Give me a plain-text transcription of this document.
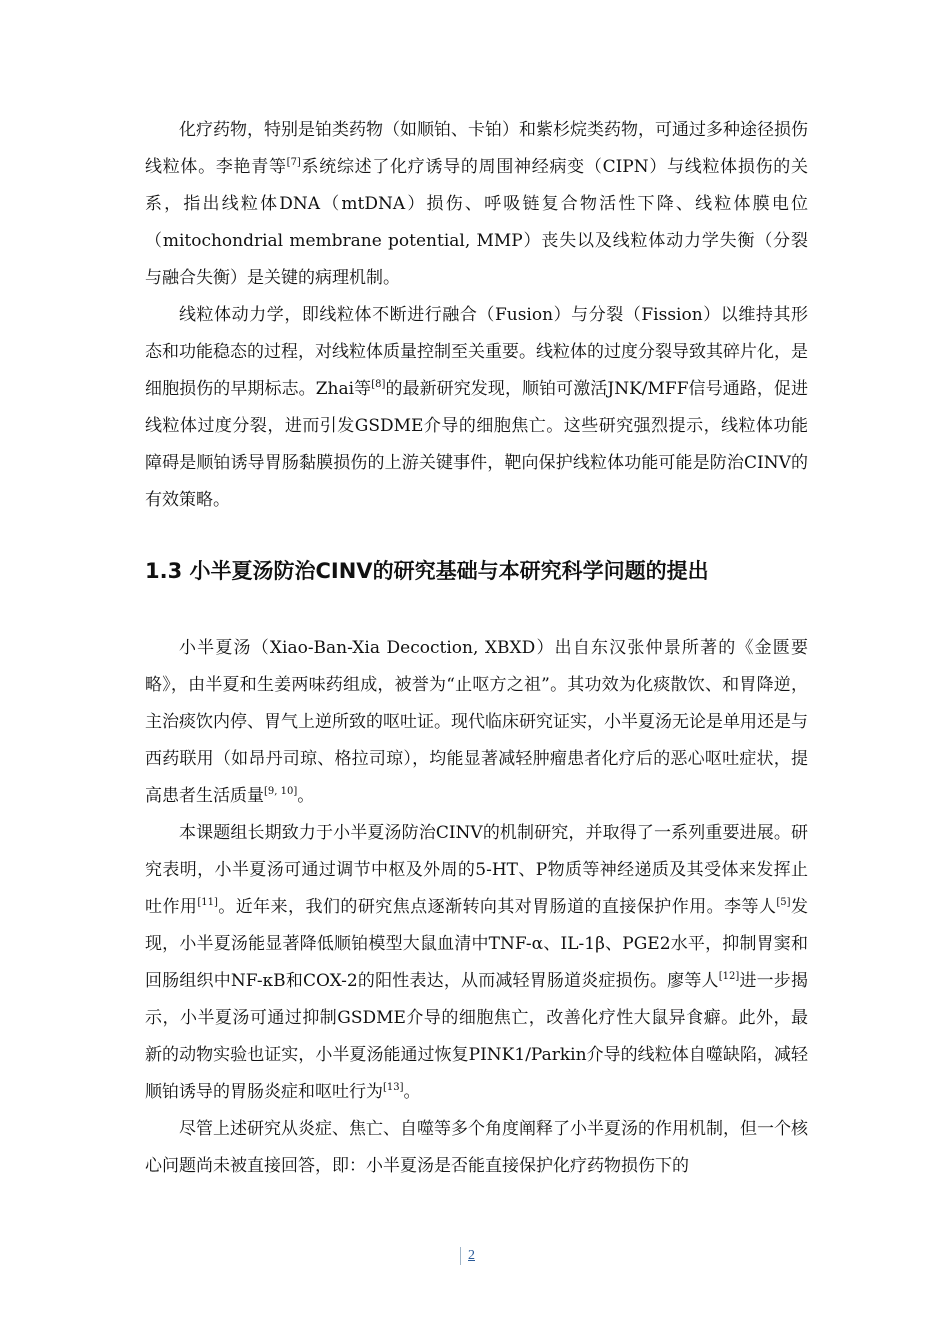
化疗药物，特别是铂类药物（如顺铂、卡铂）和紫杉烷类药物，可通过多种途径损伤线粒体。李艳青等[7]系统综述了化疗诱导的周围神经病变（CIPN）与线粒体损伤的关系，指出线粒体DNA（mtDNA）损伤、呼吸链复合物活性下降、线粒体膜电位（mitochondrial membrane potential, MMP）丧失以及线粒体动力学失衡（分裂与融合失衡）是关键的病理机制。

线粒体动力学，即线粒体不断进行融合（Fusion）与分裂（Fission）以维持其形态和功能稳态的过程，对线粒体质量控制至关重要。线粒体的过度分裂导致其碎片化，是细胞损伤的早期标志。Zhai等[8]的最新研究发现，顺铂可激活JNK/MFF信号通路，促进线粒体过度分裂，进而引发GSDME介导的细胞焦亡。这些研究强烈提示，线粒体功能障碍是顺铂诱导胃肠黏膜损伤的上游关键事件，靶向保护线粒体功能可能是防治CINV的有效策略。

1.3 小半夏汤防治CINV的研究基础与本研究科学问题的提出

小半夏汤（Xiao-Ban-Xia Decoction, XBXD）出自东汉张仲景所著的《金匮要略》，由半夏和生姜两味药组成，被誉为“止呕方之祖”。其功效为化痰散饮、和胃降逆，主治痰饮内停、胃气上逆所致的呕吐证。现代临床研究证实，小半夏汤无论是单用还是与西药联用（如昂丹司琼、格拉司琼），均能显著减轻肿瘤患者化疗后的恶心呕吐症状，提高患者生活质量[9, 10]。

本课题组长期致力于小半夏汤防治CINV的机制研究，并取得了一系列重要进展。研究表明，小半夏汤可通过调节中枢及外周的5-HT、P物质等神经递质及其受体来发挥止吐作用[11]。近年来，我们的研究焦点逐渐转向其对胃肠道的直接保护作用。李等人[5]发现，小半夏汤能显著降低顺铂模型大鼠血清中TNF-α、IL-1β、PGE2水平，抑制胃窦和回肠组织中NF-κB和COX-2的阳性表达，从而减轻胃肠道炎症损伤。廖等人[12]进一步揭示，小半夏汤可通过抑制GSDME介导的细胞焦亡，改善化疗性大鼠异食癖。此外，最新的动物实验也证实，小半夏汤能通过恢复PINK1/Parkin介导的线粒体自噬缺陷，减轻顺铂诱导的胃肠炎症和呕吐行为[13]。

尽管上述研究从炎症、焦亡、自噬等多个角度阐释了小半夏汤的作用机制，但一个核心问题尚未被直接回答，即：小半夏汤是否能直接保护化疗药物损伤下的

2
